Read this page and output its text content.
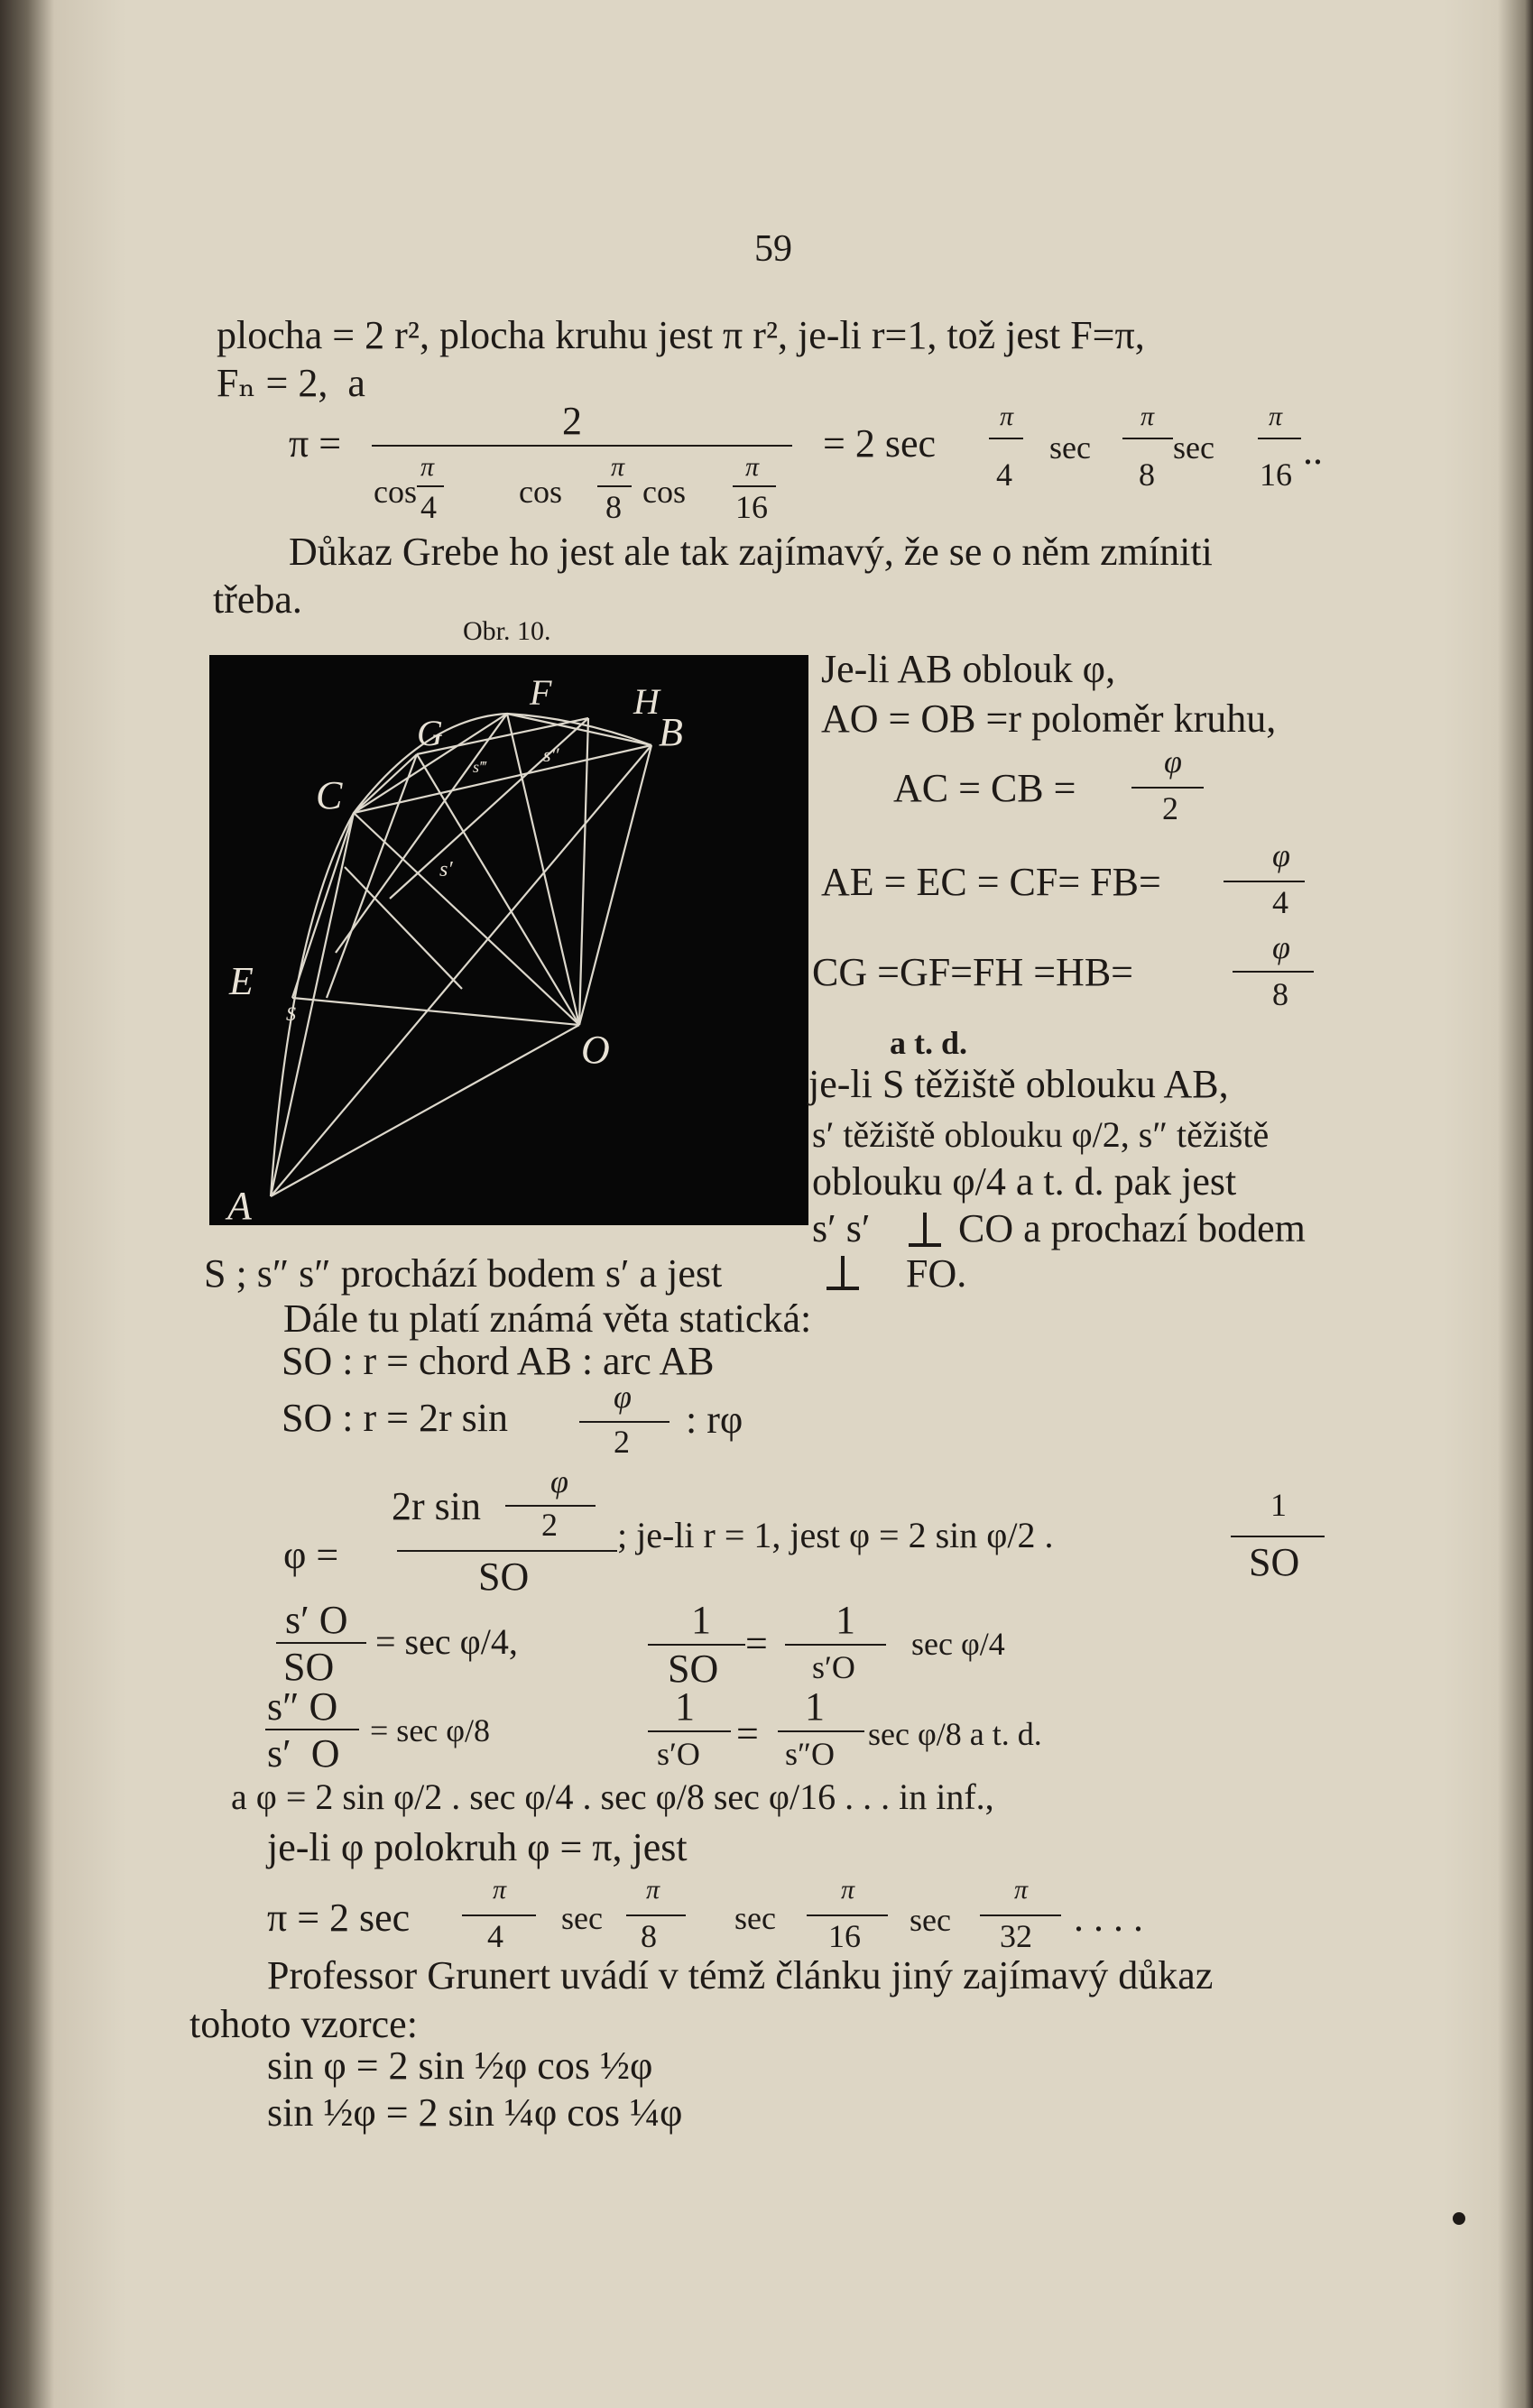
59
plocha = 2 r², plocha kruhu jest π r², je-li r=1, tož jest F=π,
Fₙ = 2,  a
π =
2
cos
π
4	cos
π
8 cos
π
16
= 2 sec
π
4
sec
π
8
sec
π
16
..
Důkaz Grebe ho jest ale tak zajímavý, že se o něm zmíniti
třeba.
Obr. 10.
A
B
C
E
F
G
H
O
S
s′
s″
s‴
Je-li AB oblouk φ,
AO = OB =r poloměr kruhu,
AC = CB =
φ
2
AE = EC = CF= FB=
φ
4
CG =GF=FH =HB=
φ
8
a t. d.
je-li S těžiště oblouku AB,
s′ těžiště oblouku φ/2, s″ těžiště
oblouku φ/4 a t. d. pak jest
s′ s′ CO a prochazí bodem
S ; s″ s″ prochází bodem s′ a jest	FO.
Dále tu platí známá věta statická:
SO : r = chord AB : arc AB
SO : r = 2r sin	φ
2 : rφ
φ =
2r sin
φ
2
SO
; je-li r = 1, jest φ = 2 sin φ/2 .
1
SO
s′ O
SO
= sec φ/4,	1
SO
=
1
s′O
sec φ/4
s″ O
s′  O
= sec φ/8
1
s′O =
1
s″O
sec φ/8 a t. d.
a φ = 2 sin φ/2 . sec φ/4 . sec φ/8 sec φ/16 . . . in inf.,
je-li φ polokruh φ = π, jest
π = 2 sec
π
4 sec
π
8 sec
π
16 sec
π
32 . . . .
Professor Grunert uvádí v témž článku jiný zajímavý důkaz
tohoto vzorce:
sin φ = 2 sin ½φ cos ½φ
sin ½φ = 2 sin ¼φ cos ¼φ
